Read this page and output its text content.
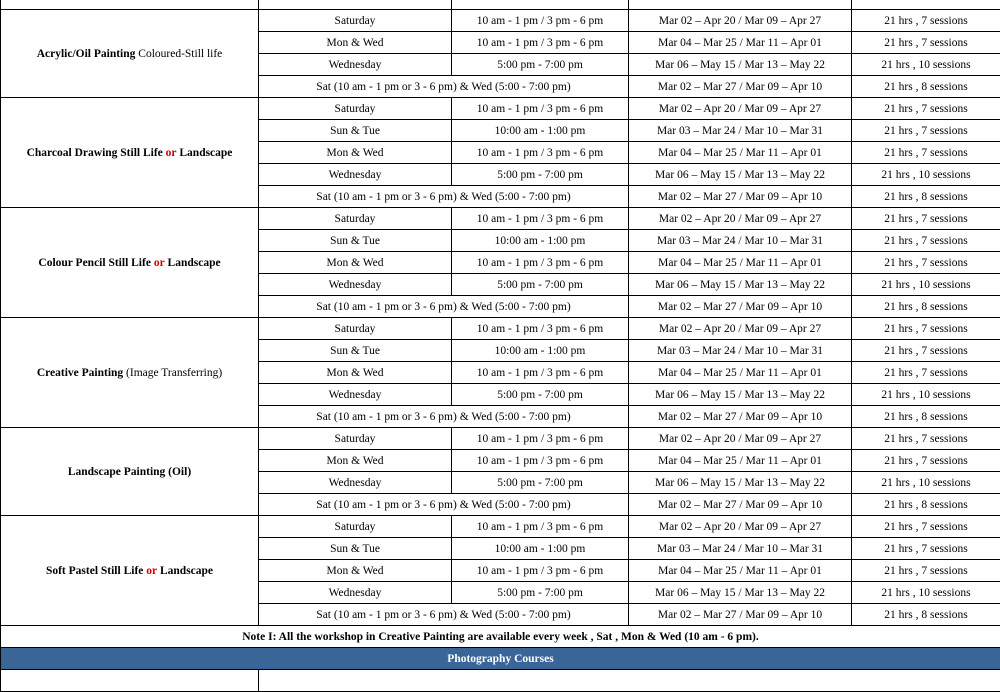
Acrylic/Oil Painting Coloured-Still life	Saturday	10 am - 1 pm / 3 pm - 6 pm	Mar 02 – Apr 20 / Mar 09 – Apr 27	21 hrs , 7 sessions
	Mon & Wed	10 am - 1 pm / 3 pm - 6 pm	Mar 04 – Mar 25 / Mar 11 – Apr 01	21 hrs , 7 sessions
	Wednesday	5:00 pm - 7:00 pm	Mar 06 – May 15 / Mar 13 – May 22	21 hrs , 10 sessions
	Sat (10 am - 1 pm or 3 - 6 pm) & Wed (5:00 - 7:00 pm)		Mar 02 – Mar 27 / Mar 09 – Apr 10	21 hrs , 8 sessions
Charcoal Drawing Still Life or Landscape	Saturday	10 am - 1 pm / 3 pm - 6 pm	Mar 02 – Apr 20 / Mar 09 – Apr 27	21 hrs , 7 sessions
	Sun & Tue	10:00 am - 1:00 pm	Mar 03 – Mar 24 / Mar 10 – Mar 31	21 hrs , 7 sessions
	Mon & Wed	10 am - 1 pm / 3 pm - 6 pm	Mar 04 – Mar 25 / Mar 11 – Apr 01	21 hrs , 7 sessions
	Wednesday	5:00 pm - 7:00 pm	Mar 06 – May 15 / Mar 13 – May 22	21 hrs , 10 sessions
	Sat (10 am - 1 pm or 3 - 6 pm) & Wed (5:00 - 7:00 pm)		Mar 02 – Mar 27 / Mar 09 – Apr 10	21 hrs , 8 sessions
Colour Pencil Still Life or Landscape	Saturday	10 am - 1 pm / 3 pm - 6 pm	Mar 02 – Apr 20 / Mar 09 – Apr 27	21 hrs , 7 sessions
	Sun & Tue	10:00 am - 1:00 pm	Mar 03 – Mar 24 / Mar 10 – Mar 31	21 hrs , 7 sessions
	Mon & Wed	10 am - 1 pm / 3 pm - 6 pm	Mar 04 – Mar 25 / Mar 11 – Apr 01	21 hrs , 7 sessions
	Wednesday	5:00 pm - 7:00 pm	Mar 06 – May 15 / Mar 13 – May 22	21 hrs , 10 sessions
	Sat (10 am - 1 pm or 3 - 6 pm) & Wed (5:00 - 7:00 pm)		Mar 02 – Mar 27 / Mar 09 – Apr 10	21 hrs , 8 sessions
Creative Painting (Image Transferring)	Saturday	10 am - 1 pm / 3 pm - 6 pm	Mar 02 – Apr 20 / Mar 09 – Apr 27	21 hrs , 7 sessions
	Sun & Tue	10:00 am - 1:00 pm	Mar 03 – Mar 24 / Mar 10 – Mar 31	21 hrs , 7 sessions
	Mon & Wed	10 am - 1 pm / 3 pm - 6 pm	Mar 04 – Mar 25 / Mar 11 – Apr 01	21 hrs , 7 sessions
	Wednesday	5:00 pm - 7:00 pm	Mar 06 – May 15 / Mar 13 – May 22	21 hrs , 10 sessions
	Sat (10 am - 1 pm or 3 - 6 pm) & Wed (5:00 - 7:00 pm)		Mar 02 – Mar 27 / Mar 09 – Apr 10	21 hrs , 8 sessions
Landscape Painting (Oil)	Saturday	10 am - 1 pm / 3 pm - 6 pm	Mar 02 – Apr 20 / Mar 09 – Apr 27	21 hrs , 7 sessions
	Mon & Wed	10 am - 1 pm / 3 pm - 6 pm	Mar 04 – Mar 25 / Mar 11 – Apr 01	21 hrs , 7 sessions
	Wednesday	5:00 pm - 7:00 pm	Mar 06 – May 15 / Mar 13 – May 22	21 hrs , 10 sessions
	Sat (10 am - 1 pm or 3 - 6 pm) & Wed (5:00 - 7:00 pm)		Mar 02 – Mar 27 / Mar 09 – Apr 10	21 hrs , 8 sessions
Soft Pastel Still Life or Landscape	Saturday	10 am - 1 pm / 3 pm - 6 pm	Mar 02 – Apr 20 / Mar 09 – Apr 27	21 hrs , 7 sessions
	Sun & Tue	10:00 am - 1:00 pm	Mar 03 – Mar 24 / Mar 10 – Mar 31	21 hrs , 7 sessions
	Mon & Wed	10 am - 1 pm / 3 pm - 6 pm	Mar 04 – Mar 25 / Mar 11 – Apr 01	21 hrs , 7 sessions
	Wednesday	5:00 pm - 7:00 pm	Mar 06 – May 15 / Mar 13 – May 22	21 hrs , 10 sessions
	Sat (10 am - 1 pm or 3 - 6 pm) & Wed (5:00 - 7:00 pm)		Mar 02 – Mar 27 / Mar 09 – Apr 10	21 hrs , 8 sessions
Note I: All the workshop in Creative Painting are available every week , Sat , Mon & Wed (10 am - 6 pm).				
Photography Courses				
